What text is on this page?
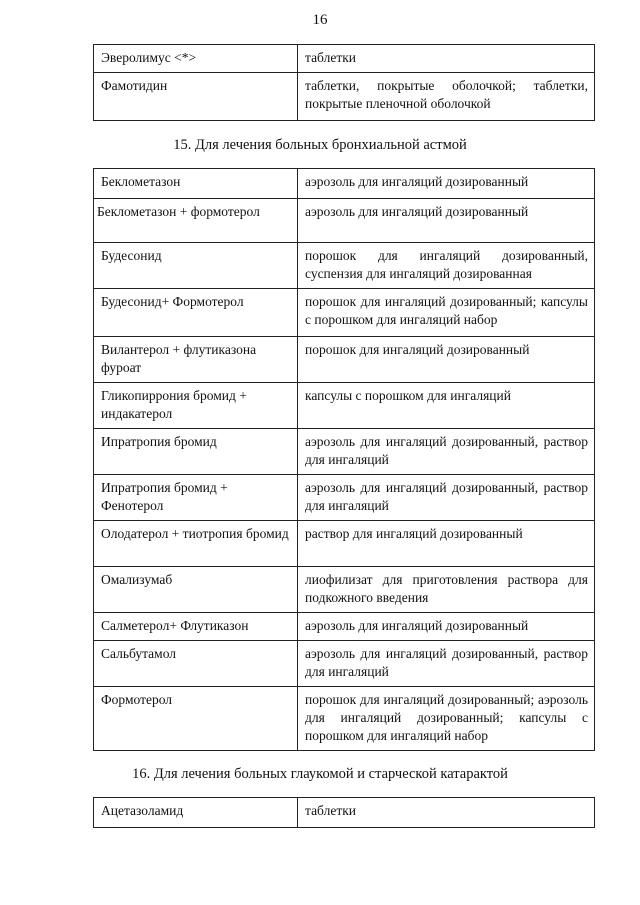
16
Эверолимус <*>	таблетки
Фамотидин	таблетки, покрытые оболочкой; таблетки, покрытые пленочной оболочкой
15. Для лечения больных бронхиальной астмой
Беклометазон	аэрозоль для ингаляций дозированный
Беклометазон + формотерол	аэрозоль для ингаляций дозированный
Будесонид	порошок для ингаляций дозированный, суспензия для ингаляций дозированная
Будесонид+ Формотерол	порошок для ингаляций дозированный; капсулы с порошком для ингаляций набор
Вилантерол + флутиказона фуроат	порошок для ингаляций дозированный
Гликопиррония бромид + индакатерол	капсулы с порошком для ингаляций
Ипратропия бромид	аэрозоль для ингаляций дозированный, раствор для ингаляций
Ипратропия бромид + Фенотерол	аэрозоль для ингаляций дозированный, раствор для ингаляций
Олодатерол + тиотропия бромид	раствор для ингаляций дозированный
Омализумаб	лиофилизат для приготовления раствора для подкожного введения
Салметерол+ Флутиказон	аэрозоль для ингаляций дозированный
Сальбутамол	аэрозоль для ингаляций дозированный, раствор для ингаляций
Формотерол	порошок для ингаляций дозированный; аэрозоль для ингаляций дозированный; капсулы с порошком для ингаляций набор
16. Для лечения больных глаукомой и старческой катарактой
Ацетазоламид	таблетки
